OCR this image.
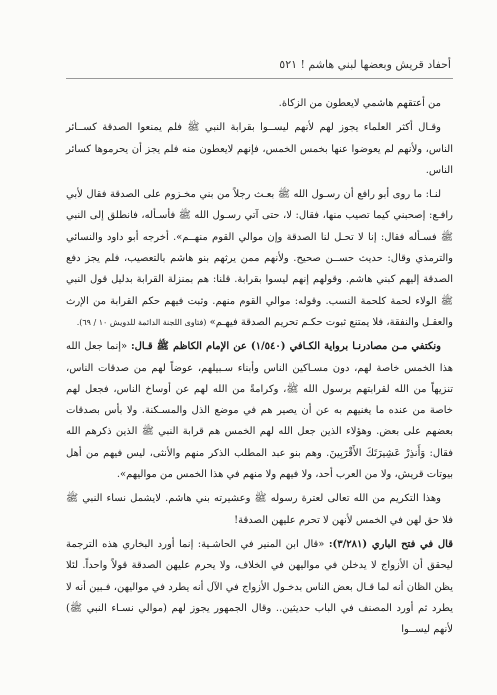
أحفاد قريش وبعضها لبني هاشم ! ٥٢١

من أعتقهم هاشمي لايعطون من الزكاة.

وقـال أكثر العلماء يجوز لهم لأنهم ليســوا بقرابة النبي ﷺ فلم يمنعوا الصدقة كســائر الناس، ولأنهم لم يعوضوا عنها بخمس الخمس، فإنهم لايعطون منه فلم يجز أن يحرموها كسائر الناس.

لنـا: ما روى أبو رافع أن رسـول الله ﷺ بعـث رجلاً من بني مخـزوم على الصدقة فقال لأبي رافـع: إصحبني كيما تصيب منها، فقال: لا، حتى آتي رسـول الله ﷺ فأسـأله، فانطلق إلى النبي ﷺ فسـأله فقال: إنا لا تحـل لنا الصدقة وإن موالي القوم منهــم». أخرجه أبو داود والنسائي والترمذي وقال: حديث حســن صحيح. ولأنهم ممن يرثهم بنو هاشم بالتعصيب، فلم يجز دفع الصدقة إليهم كبني هاشم. وقولهم إنهم ليسوا بقرابة. قلنا: هم بمنزلة القرابة بدليل قول النبي ﷺ الولاء لحمة كلحمة النسب. وقوله: موالي القوم منهم. وثبت فيهم حكم القرابة من الإرث والعقـل والنفقة، فلا يمتنع ثبوت حكـم تحريم الصدقة فيهـم» (فتاوى اللجنة الدائمة للدويش ١٠ / ٦٩).

ونكتفي مـن مصادرنـا برواية الكـافي (١/٥٤٠) عن الإمام الكاظم ﷺ قـال: «إنما جعل الله هذا الخمس خاصة لهم، دون مسـاكين الناس وأبناء سـبيلهم، عوضاً لهم من صدقات الناس، تنزيهاً من الله لقرابتهم برسول الله ﷺ، وكرامةً من الله لهم عن أوساخ الناس، فجعل لهم خاصة من عنده ما يغنيهم به عن أن يصير هم في موضع الذل والمسـكنة. ولا بأس بصدقات بعضهم على بعض. وهؤلاء الذين جعل الله لهم الخمس هم قرابة النبي ﷺ الذين ذكرهم الله فقال: وَأَنذِرْ عَشِيرَتَكَ الأَقْرَبِينَ. وهم بنو عبد المطلب الذكر منهم والأنثى، ليس فيهم من أهل بيوتات قريش، ولا من العرب أحد، ولا فيهم ولا منهم في هذا الخمس من مواليهم».

وهذا التكريم من الله تعالى لعترة رسوله ﷺ وعشيرته بني هاشم. لايشمل نساء النبي ﷺ فلا حق لهن في الخمس لأنهن لا تحرم عليهن الصدقة!

قال في فتح الباري (٣/٢٨١): «قال ابن المنير في الحاشـية: إنما أورد البخاري هذه الترجمة ليحقق أن الأزواج لا يدخلن في مواليهن في الخلاف، ولا يحرم عليهن الصدقة قولاً واحداً. لئلا يظن الظان أنه لما قـال بعض الناس بدخـول الأزواج في الآل أنه يطرد في مواليهن، فـبين أنه لا يطرد ثم أورد المصنف في الباب حديثين.. وقال الجمهور يجوز لهم (موالي نسـاء النبي ﷺ) لأنهم ليســوا
